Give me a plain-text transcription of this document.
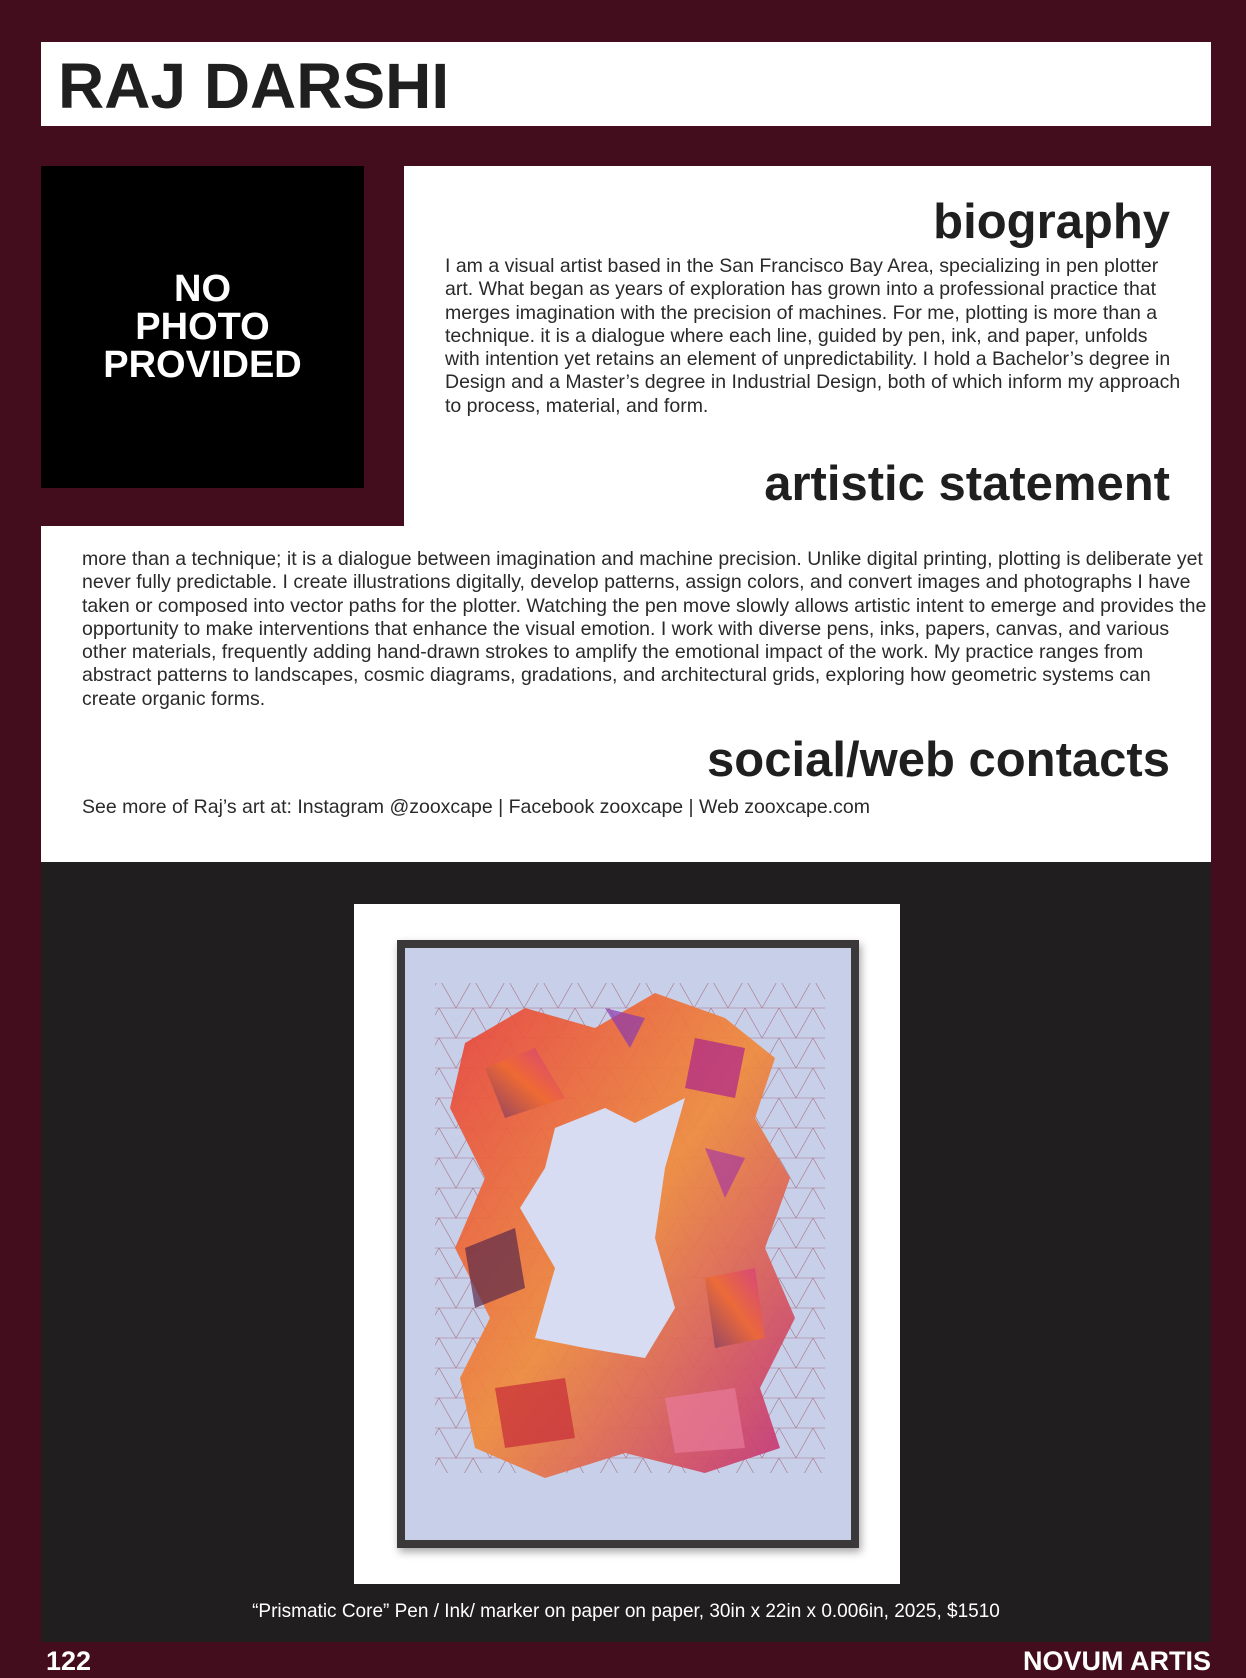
RAJ DARSHI
NO
PHOTO
PROVIDED
biography

I am a visual artist based in the San Francisco Bay Area, specializing in pen plotter art. What began as years of exploration has grown into a professional practice that merges imagination with the precision of machines. For me, plotting is more than a technique. it is a dialogue where each line, guided by pen, ink, and paper, unfolds with intention yet retains an element of unpredictability. I hold a Bachelor’s degree in Design and a Master’s degree in Industrial Design, both of which inform my approach to process, material, and form.

artistic statement

more than a technique; it is a dialogue between imagination and machine precision. Unlike digital printing, plotting is deliberate yet never fully predictable. I create illustrations digitally, develop patterns, assign colors, and convert images and photographs I have taken or composed into vector paths for the plotter. Watching the pen move slowly allows artistic intent to emerge and provides the opportunity to make interventions that enhance the visual emotion. I work with diverse pens, inks, papers, canvas, and various other materials, frequently adding hand-drawn strokes to amplify the emotional impact of the work. My practice ranges from abstract patterns to landscapes, cosmic diagrams, gradations, and architectural grids, exploring how geometric systems can create organic forms.

social/web contacts

See more of Raj’s art at: Instagram @zooxcape | Facebook zooxcape | Web zooxcape.com

“Prismatic Core” Pen / Ink/ marker on paper on paper, 30in x 22in x 0.006in, 2025, $1510

122	NOVUM ARTIS
